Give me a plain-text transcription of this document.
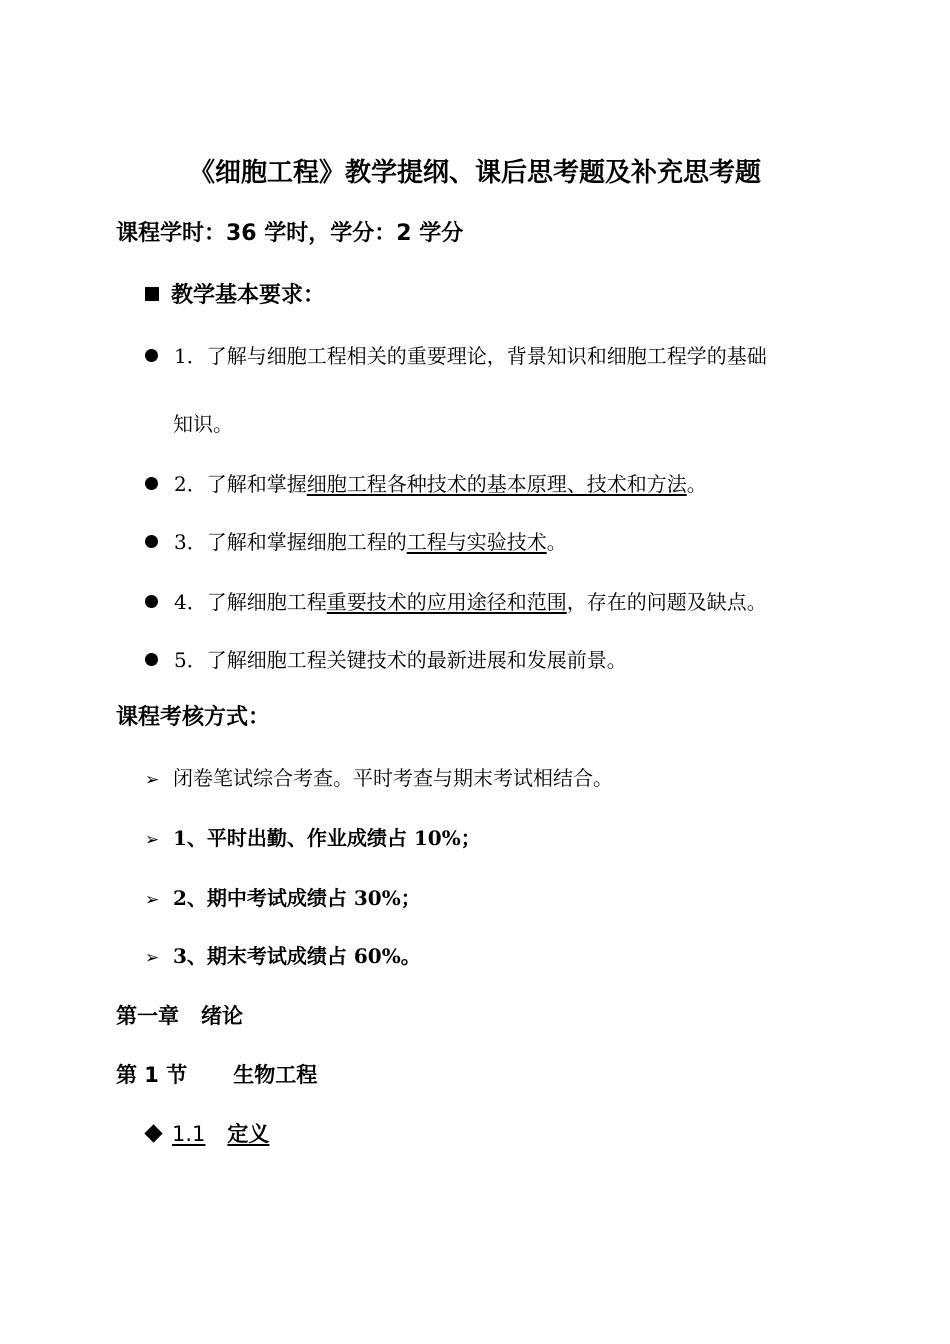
《细胞工程》教学提纲、课后思考题及补充思考题
课程学时：36 学时，学分：2 学分
教学基本要求：
1．了解与细胞工程相关的重要理论，背景知识和细胞工程学的基础
知识。
2．了解和掌握细胞工程各种技术的基本原理、技术和方法。
3．了解和掌握细胞工程的工程与实验技术。
4．了解细胞工程重要技术的应用途径和范围，存在的问题及缺点。
5．了解细胞工程关键技术的最新进展和发展前景。
课程考核方式：
➢ 闭卷笔试综合考查。平时考查与期末考试相结合。
➢ 1、平时出勤、作业成绩占 10%；
➢ 2、期中考试成绩占 30%；
➢ 3、期末考试成绩占 60%。
第一章 绪论
第 1 节 生物工程
1.1 定义
